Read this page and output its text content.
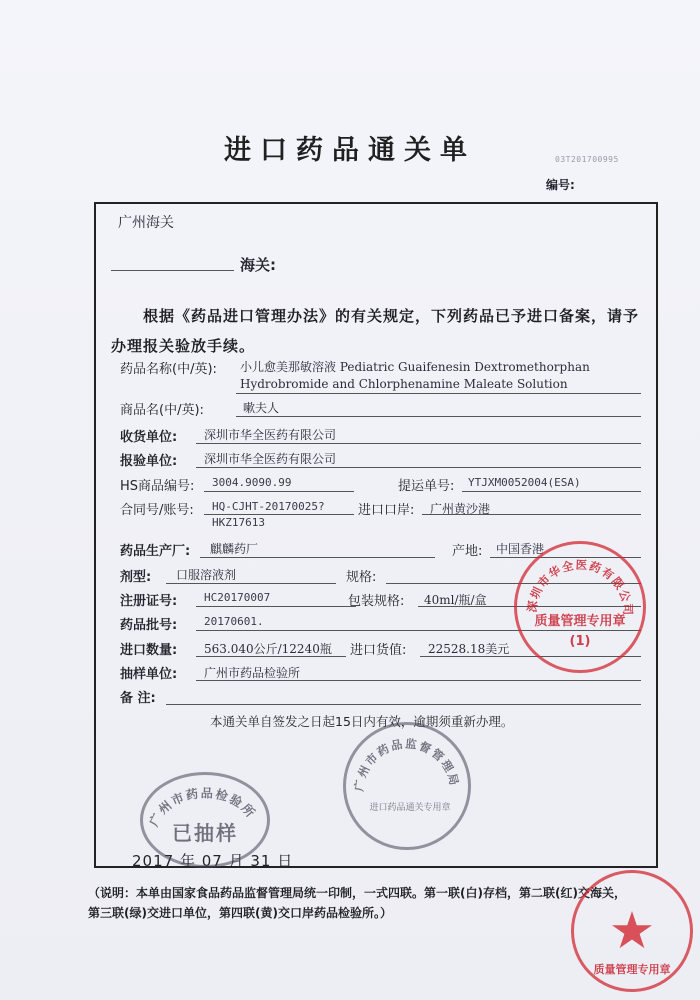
进口药品通关单	03T201700995
编号:
广州海关
海关:
根据《药品进口管理办法》的有关规定，下列药品已予进口备案，请予办理报关验放手续。
药品名称(中/英): 小儿愈美那敏溶液 Pediatric Guaifenesin Dextromethorphan
Hydrobromide and Chlorphenamine Maleate Solution
商品名(中/英):	嗽夫人
收货单位: 深圳市华全医药有限公司
报验单位: 深圳市华全医药有限公司
HS商品编号: 3004.9090.99	提运单号: YTJXM0052004(ESA)
合同号/账号: HQ-CJHT-20170025?
HKZ17613
进口口岸: 广州黄沙港
药品生产厂: 麒麟药厂	产地: 中国香港
剂型: 口服溶液剂	规格:
注册证号: HC20170007	包装规格: 40ml/瓶/盒
药品批号: 20170601.
进口数量: 563.040公斤/12240瓶 进口货值: 22528.18美元
抽样单位: 广州市药品检验所
备 注:
本通关单自签发之日起15日内有效，逾期须重新办理。
2017 年 07 月 31 日
（说明：本单由国家食品药品监督管理局统一印制，一式四联。第一联(白)存档，第二联(红)交海关，
第三联(绿)交进口单位，第四联(黄)交口岸药品检验所。）
深圳市华全医药有限公司
质量管理专用章
(1)
广州市药品监督管理局
进口药品通关专用章
广州市药品检验所
已抽样
质量管理专用章
